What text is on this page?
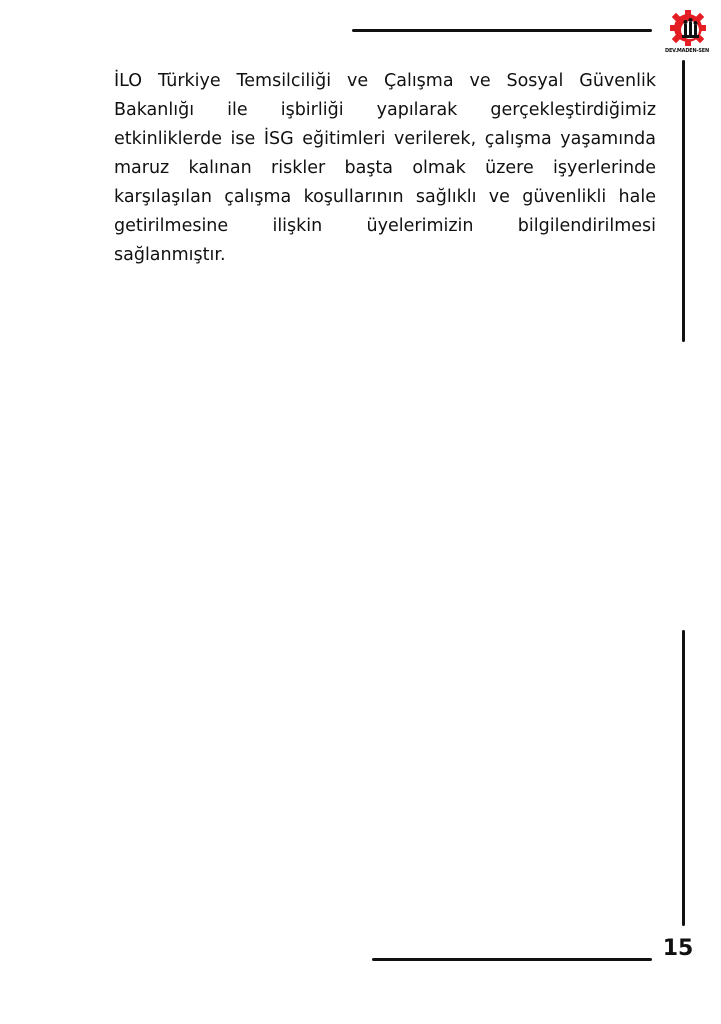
DEV.MADEN-SEN

İLO Türkiye Temsilciliği ve Çalışma ve Sosyal Güvenlik Bakanlığı ile işbirliği yapılarak gerçekleştirdiğimiz etkinliklerde ise İSG eğitimleri verilerek, çalışma yaşamında maruz kalınan riskler başta olmak üzere işyerlerinde karşılaşılan çalışma koşullarının sağlıklı ve güvenlikli hale getirilmesine ilişkin üyelerimizin bilgilendirilmesi sağlanmıştır.

15
